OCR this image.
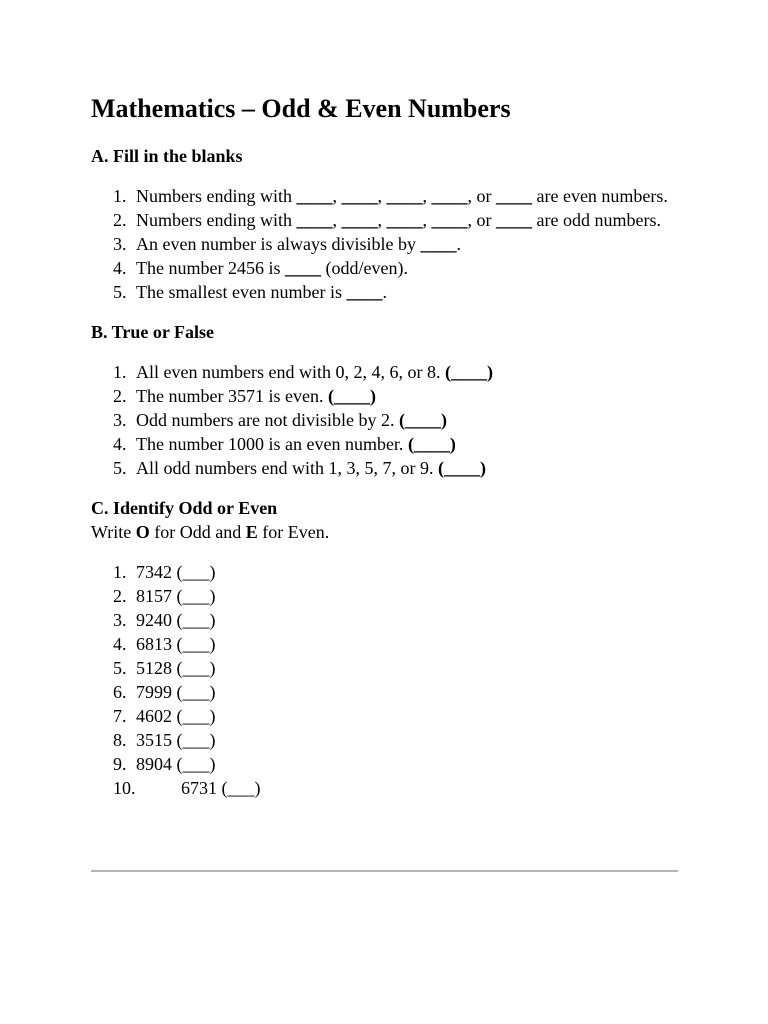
Mathematics – Odd & Even Numbers
A. Fill in the blanks
1. Numbers ending with ____, ____, ____, ____, or ____ are even numbers.
2. Numbers ending with ____, ____, ____, ____, or ____ are odd numbers.
3. An even number is always divisible by ____.
4. The number 2456 is ____ (odd/even).
5. The smallest even number is ____.
B. True or False
1. All even numbers end with 0, 2, 4, 6, or 8. (____)
2. The number 3571 is even. (____)
3. Odd numbers are not divisible by 2. (____)
4. The number 1000 is an even number. (____)
5. All odd numbers end with 1, 3, 5, 7, or 9. (____)
C. Identify Odd or Even

Write O for Odd and E for Even.

1. 7342 (___)
2. 8157 (___)
3. 9240 (___)
4. 6813 (___)
5. 5128 (___)
6. 7999 (___)
7. 4602 (___)
8. 3515 (___)
9. 8904 (___)
10.	6731 (___)
